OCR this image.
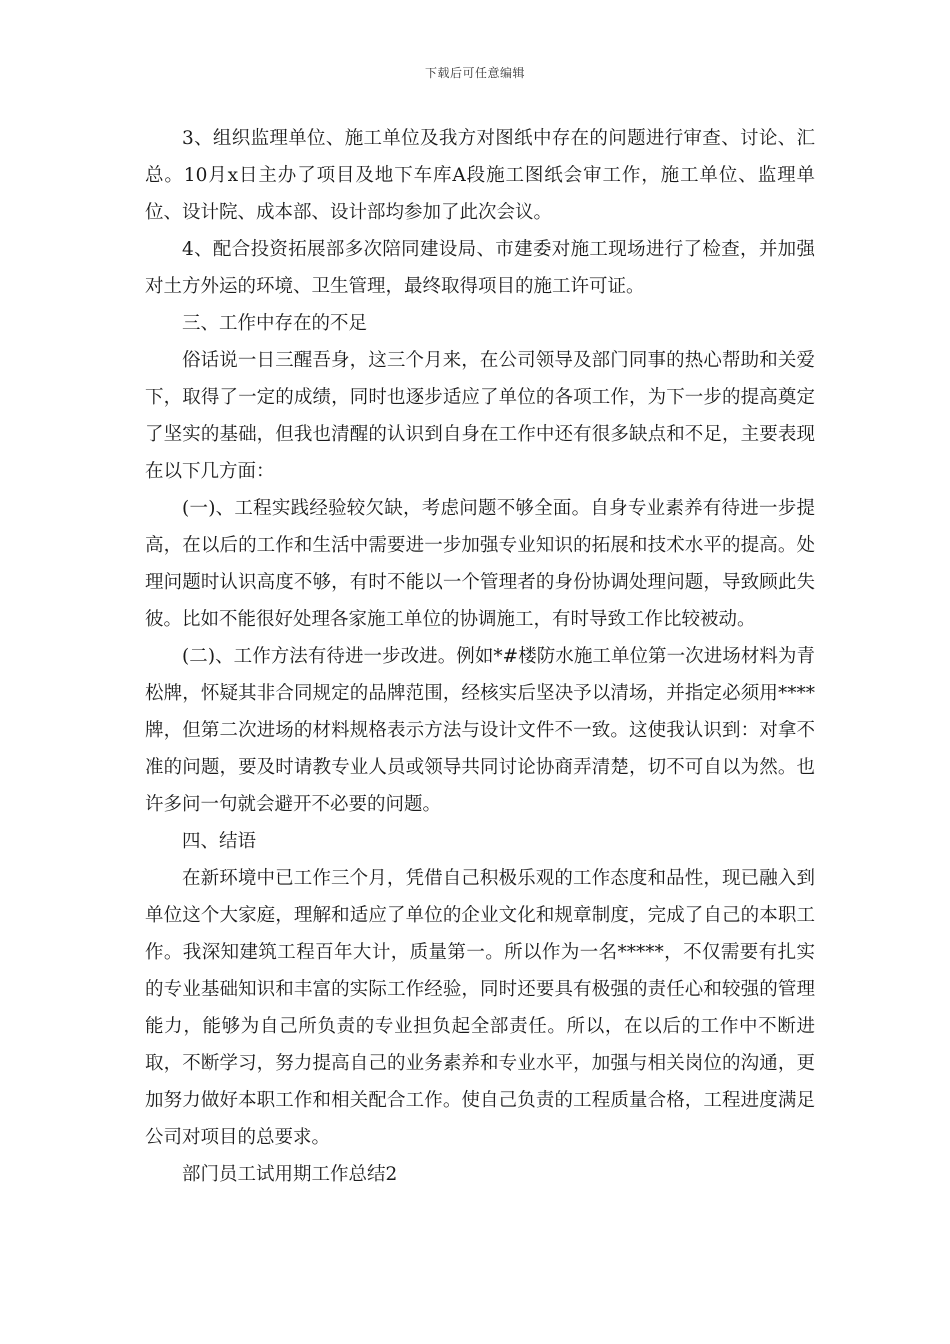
下载后可任意编辑

3、组织监理单位、施工单位及我方对图纸中存在的问题进行审查、讨论、汇总。10月x日主办了项目及地下车库A段施工图纸会审工作，施工单位、监理单位、设计院、成本部、设计部均参加了此次会议。

4、配合投资拓展部多次陪同建设局、市建委对施工现场进行了检查，并加强对土方外运的环境、卫生管理，最终取得项目的施工许可证。

三、工作中存在的不足

俗话说一日三醒吾身，这三个月来，在公司领导及部门同事的热心帮助和关爱下，取得了一定的成绩，同时也逐步适应了单位的各项工作，为下一步的提高奠定了坚实的基础，但我也清醒的认识到自身在工作中还有很多缺点和不足，主要表现在以下几方面：

(一)、工程实践经验较欠缺，考虑问题不够全面。自身专业素养有待进一步提高，在以后的工作和生活中需要进一步加强专业知识的拓展和技术水平的提高。处理问题时认识高度不够，有时不能以一个管理者的身份协调处理问题，导致顾此失彼。比如不能很好处理各家施工单位的协调施工，有时导致工作比较被动。

(二)、工作方法有待进一步改进。例如*#楼防水施工单位第一次进场材料为青松牌，怀疑其非合同规定的品牌范围，经核实后坚决予以清场，并指定必须用****牌，但第二次进场的材料规格表示方法与设计文件不一致。这使我认识到：对拿不准的问题，要及时请教专业人员或领导共同讨论协商弄清楚，切不可自以为然。也许多问一句就会避开不必要的问题。

四、结语

在新环境中已工作三个月，凭借自己积极乐观的工作态度和品性，现已融入到单位这个大家庭，理解和适应了单位的企业文化和规章制度，完成了自己的本职工作。我深知建筑工程百年大计，质量第一。所以作为一名*****，不仅需要有扎实的专业基础知识和丰富的实际工作经验，同时还要具有极强的责任心和较强的管理能力，能够为自己所负责的专业担负起全部责任。所以，在以后的工作中不断进取，不断学习，努力提高自己的业务素养和专业水平，加强与相关岗位的沟通，更加努力做好本职工作和相关配合工作。使自己负责的工程质量合格，工程进度满足公司对项目的总要求。

部门员工试用期工作总结2
